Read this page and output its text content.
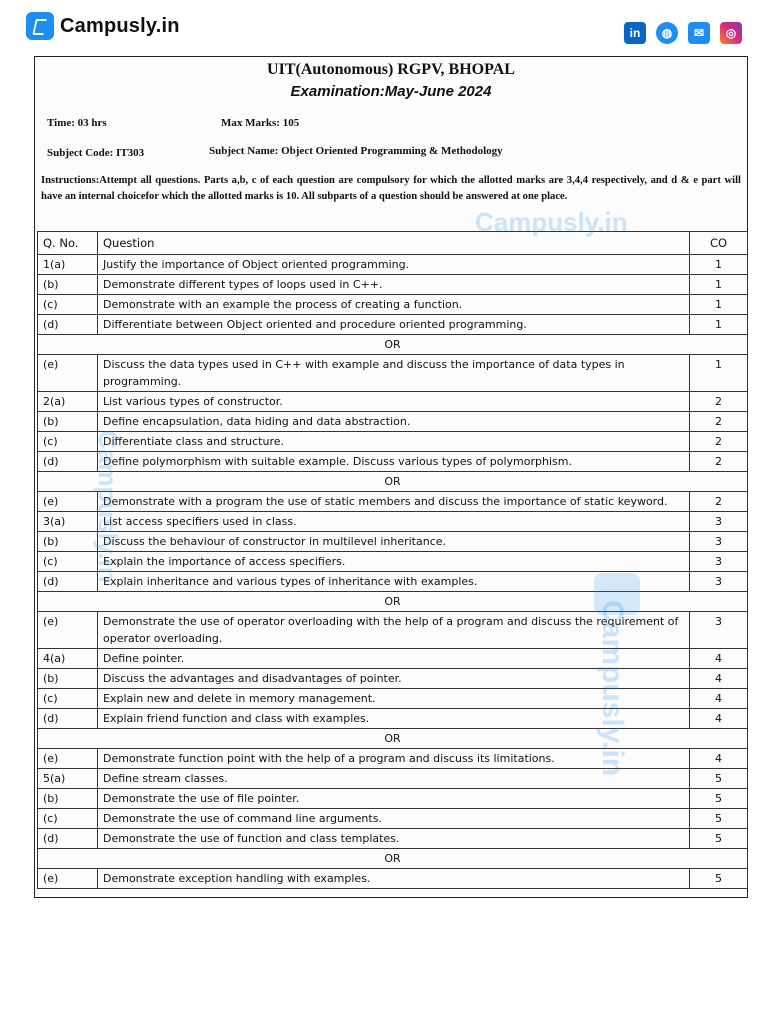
Campusly.in	in	◍	✉	◎
UIT(Autonomous) RGPV, BHOPAL
Examination:May-June 2024
Time: 03 hrs	Max Marks: 105
Subject Code: IT303	Subject Name: Object Oriented Programming & Methodology
Instructions:Attempt all questions. Parts a,b, c of each question are compulsory for which the allotted marks are 3,4,4 respectively, and d & e part will have an internal choicefor which the allotted marks is 10. All subparts of a question should be answered at one place.
Q. No.	Question	CO
1(a)	Justify the importance of Object oriented programming.	1
(b)	Demonstrate different types of loops used in C++.	1
(c)	Demonstrate with an example the process of creating a function.	1
(d)	Differentiate between Object oriented and procedure oriented programming.	1
OR		
(e)	Discuss the data types used in C++ with example and discuss the importance of data types in programming.	1
2(a)	List various types of constructor.	2
(b)	Define encapsulation, data hiding and data abstraction.	2
(c)	Differentiate class and structure.	2
(d)	Define polymorphism with suitable example. Discuss various types of polymorphism.	2
OR		
(e)	Demonstrate with a program the use of static members and discuss the importance of static keyword.	2
3(a)	List access specifiers used in class.	3
(b)	Discuss the behaviour of constructor in multilevel inheritance.	3
(c)	Explain the importance of access specifiers.	3
(d)	Explain inheritance and various types of inheritance with examples.	3
OR		
(e)	Demonstrate the use of operator overloading with the help of a program and discuss the requirement of operator overloading.	3
4(a)	Define pointer.	4
(b)	Discuss the advantages and disadvantages of pointer.	4
(c)	Explain new and delete in memory management.	4
(d)	Explain friend function and class with examples.	4
OR		
(e)	Demonstrate function point with the help of a program and discuss its limitations.	4
5(a)	Define stream classes.	5
(b)	Demonstrate the use of file pointer.	5
(c)	Demonstrate the use of command line arguments.	5
(d)	Demonstrate the use of function and class templates.	5
OR		
(e)	Demonstrate exception handling with examples.	5
Campusly.in
Campusly.in
Campusly.in
